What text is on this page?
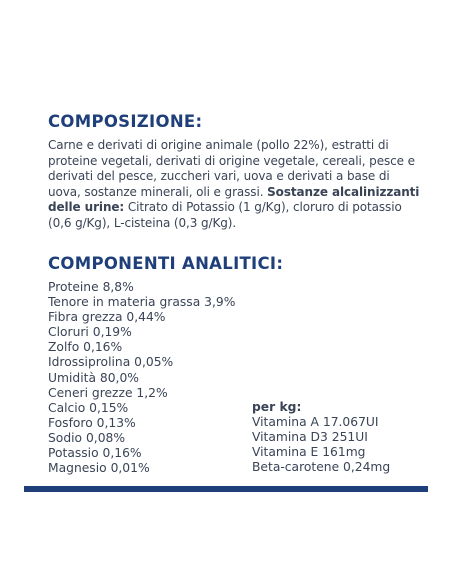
COMPOSIZIONE:

Carne e derivati di origine animale (pollo 22%), estratti di proteine vegetali, derivati di origine vegetale, cereali, pesce e derivati del pesce, zuccheri vari, uova e derivati a base di uova, sostanze minerali, oli e grassi. Sostanze alcalinizzanti delle urine: Citrato di Potassio (1 g/Kg), cloruro di potassio (0,6 g/Kg), L-cisteina (0,3 g/Kg).

COMPONENTI ANALITICI:
Proteine 8,8%
Tenore in materia grassa 3,9%
Fibra grezza 0,44%
Cloruri 0,19%
Zolfo 0,16%
Idrossiprolina 0,05%
Umidità 80,0%
Ceneri grezze 1,2%
Calcio 0,15%
Fosforo 0,13%
Sodio 0,08%
Potassio 0,16%
Magnesio 0,01%

per kg:

Vitamina A 17.067UI
Vitamina D3 251UI
Vitamina E 161mg
Beta-carotene 0,24mg
